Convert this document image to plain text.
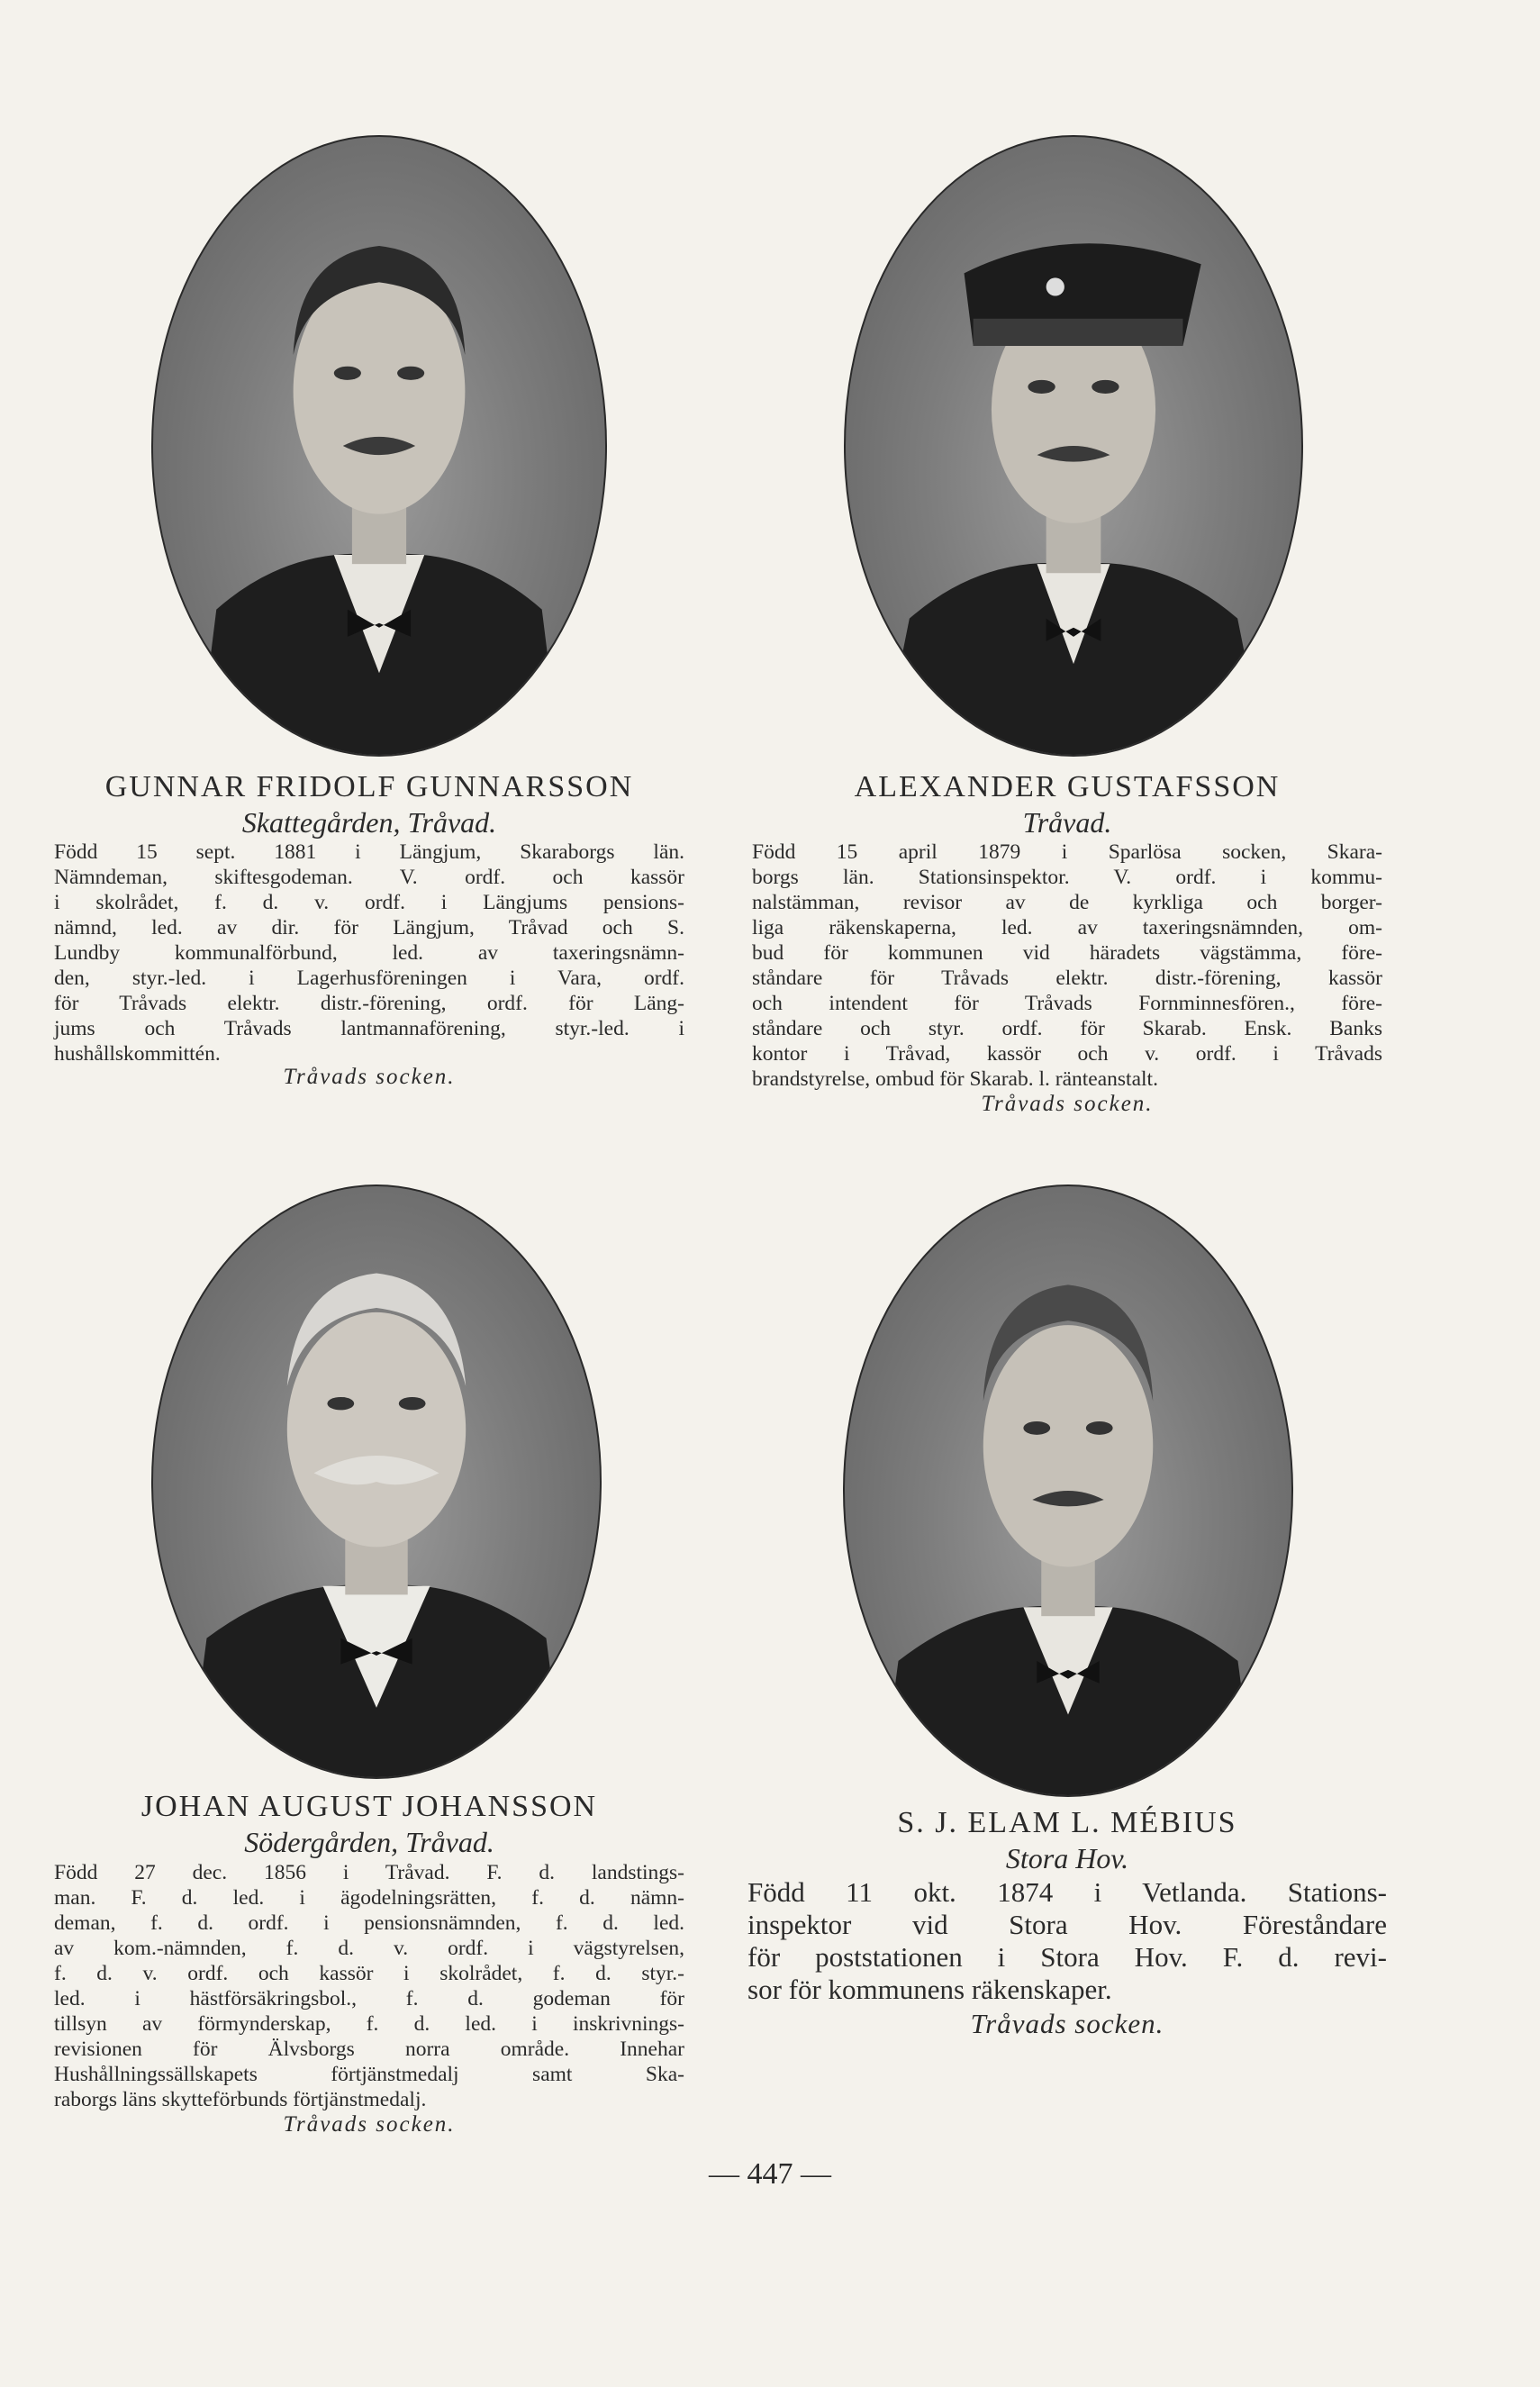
GUNNAR FRIDOLF GUNNARSSON
Skattegården, Tråvad.
Född 15 sept. 1881 i Längjum, Skaraborgs län.
Nämndeman, skiftesgodeman. V. ordf. och kassör
i skolrådet, f. d. v. ordf. i Längjums pensions-
nämnd, led. av dir. för Längjum, Tråvad och S.
Lundby kommunalförbund, led. av taxeringsnämn-
den, styr.-led. i Lagerhusföreningen i Vara, ordf.
för Tråvads elektr. distr.-förening, ordf. för Läng-
jums och Tråvads lantmannaförening, styr.-led. i
hushållskommittén.
Tråvads socken.
ALEXANDER GUSTAFSSON
Tråvad.
Född 15 april 1879 i Sparlösa socken, Skara-
borgs län. Stationsinspektor. V. ordf. i kommu-
nalstämman, revisor av de kyrkliga och borger-
liga räkenskaperna, led. av taxeringsnämnden, om-
bud för kommunen vid häradets vägstämma, före-
ståndare för Tråvads elektr. distr.-förening, kassör
och intendent för Tråvads Fornminnesfören., före-
ståndare och styr. ordf. för Skarab. Ensk. Banks
kontor i Tråvad, kassör och v. ordf. i Tråvads
brandstyrelse, ombud för Skarab. l. ränteanstalt.
Tråvads socken.
JOHAN AUGUST JOHANSSON
Södergården, Tråvad.
Född 27 dec. 1856 i Tråvad. F. d. landstings-
man. F. d. led. i ägodelningsrätten, f. d. nämn-
deman, f. d. ordf. i pensionsnämnden, f. d. led.
av kom.-nämnden, f. d. v. ordf. i vägstyrelsen,
f. d. v. ordf. och kassör i skolrådet, f. d. styr.-
led. i hästförsäkringsbol., f. d. godeman för
tillsyn av förmynderskap, f. d. led. i inskrivnings-
revisionen för Älvsborgs norra område. Innehar
Hushållningssällskapets förtjänstmedalj samt Ska-
raborgs läns skytteförbunds förtjänstmedalj.
Tråvads socken.
S. J. ELAM L. MÉBIUS
Stora Hov.
Född 11 okt. 1874 i Vetlanda. Stations-
inspektor vid Stora Hov. Föreståndare
för poststationen i Stora Hov. F. d. revi-
sor för kommunens räkenskaper.
Tråvads socken.
— 447 —
